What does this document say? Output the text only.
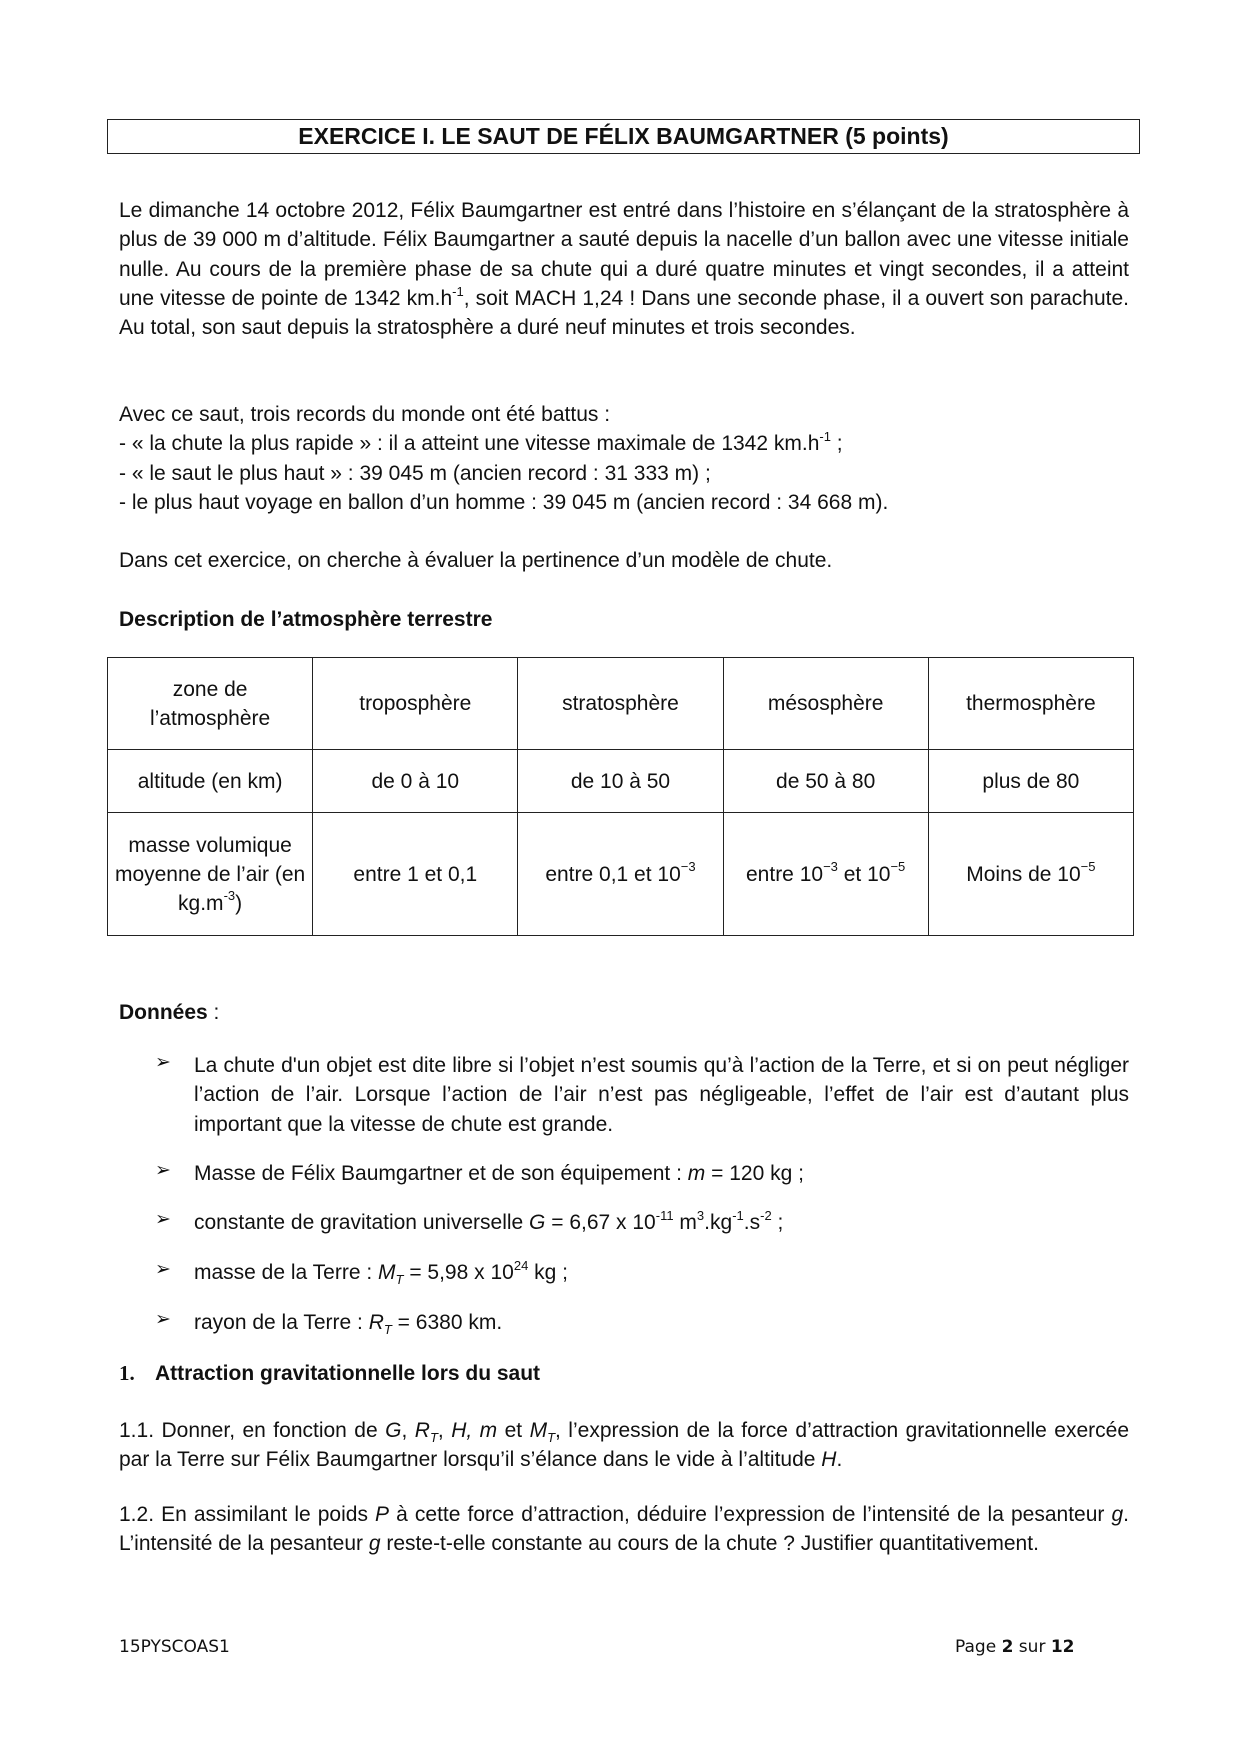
EXERCICE I. LE SAUT DE FÉLIX BAUMGARTNER (5 points)

Le dimanche 14 octobre 2012, Félix Baumgartner est entré dans l’histoire en s’élançant de la stratosphère à plus de 39 000 m d’altitude. Félix Baumgartner a sauté depuis la nacelle d’un ballon avec une vitesse initiale nulle. Au cours de la première phase de sa chute qui a duré quatre minutes et vingt secondes, il a atteint une vitesse de pointe de 1342 $km.h^{-1}$, soit MACH 1,24 ! Dans une seconde phase, il a ouvert son parachute. Au total, son saut depuis la stratosphère a duré neuf minutes et trois secondes.

Avec ce saut, trois records du monde ont été battus :

- « la chute la plus rapide » : il a atteint une vitesse maximale de 1342 $km.h^{-1}$ ;

- « le saut le plus haut » : 39 045 m (ancien record : 31 333 m) ;

- le plus haut voyage en ballon d’un homme : 39 045 m (ancien record : 34 668 m).

Dans cet exercice, on cherche à évaluer la pertinence d’un modèle de chute.

Description de l’atmosphère terrestre

zone de l’atmosphère	troposphère	stratosphère	mésosphère	thermosphère
altitude (en km)	de 0 à 10	de 10 à 50	de 50 à 80	plus de 80
masse volumique moyenne de l’air (en $kg.m^{-3}$)	entre 1 et 0,1	entre 0,1 et $10^{-3}$	entre $10^{-3}$ et $10^{-5}$	Moins de $10^{-5}$

Données :

➢ La chute d'un objet est dite libre si l’objet n’est soumis qu’à l’action de la Terre, et si on peut négliger l’action de l’air. Lorsque l’action de l’air n’est pas négligeable, l’effet de l’air est d’autant plus important que la vitesse de chute est grande.
➢ Masse de Félix Baumgartner et de son équipement : m = 120 kg ;
➢ constante de gravitation universelle G = 6,67 x $10^{-11}$ $m^3.kg^{-1}.s^{-2}$ ;
➢ masse de la Terre : $M_T = 5,98$ x $10^{24}$ kg ;
➢ rayon de la Terre : $R_T = 6380$ km.
1. Attraction gravitationnelle lors du saut

1.1. Donner, en fonction de G, $R_T$, H, m et $M_T$, l’expression de la force d’attraction gravitationnelle exercée par la Terre sur Félix Baumgartner lorsqu’il s’élance dans le vide à l’altitude H.

1.2. En assimilant le poids P à cette force d’attraction, déduire l’expression de l’intensité de la pesanteur g. L’intensité de la pesanteur g reste-t-elle constante au cours de la chute ? Justifier quantitativement.

15PYSCOAS1	Page 2 sur 12
